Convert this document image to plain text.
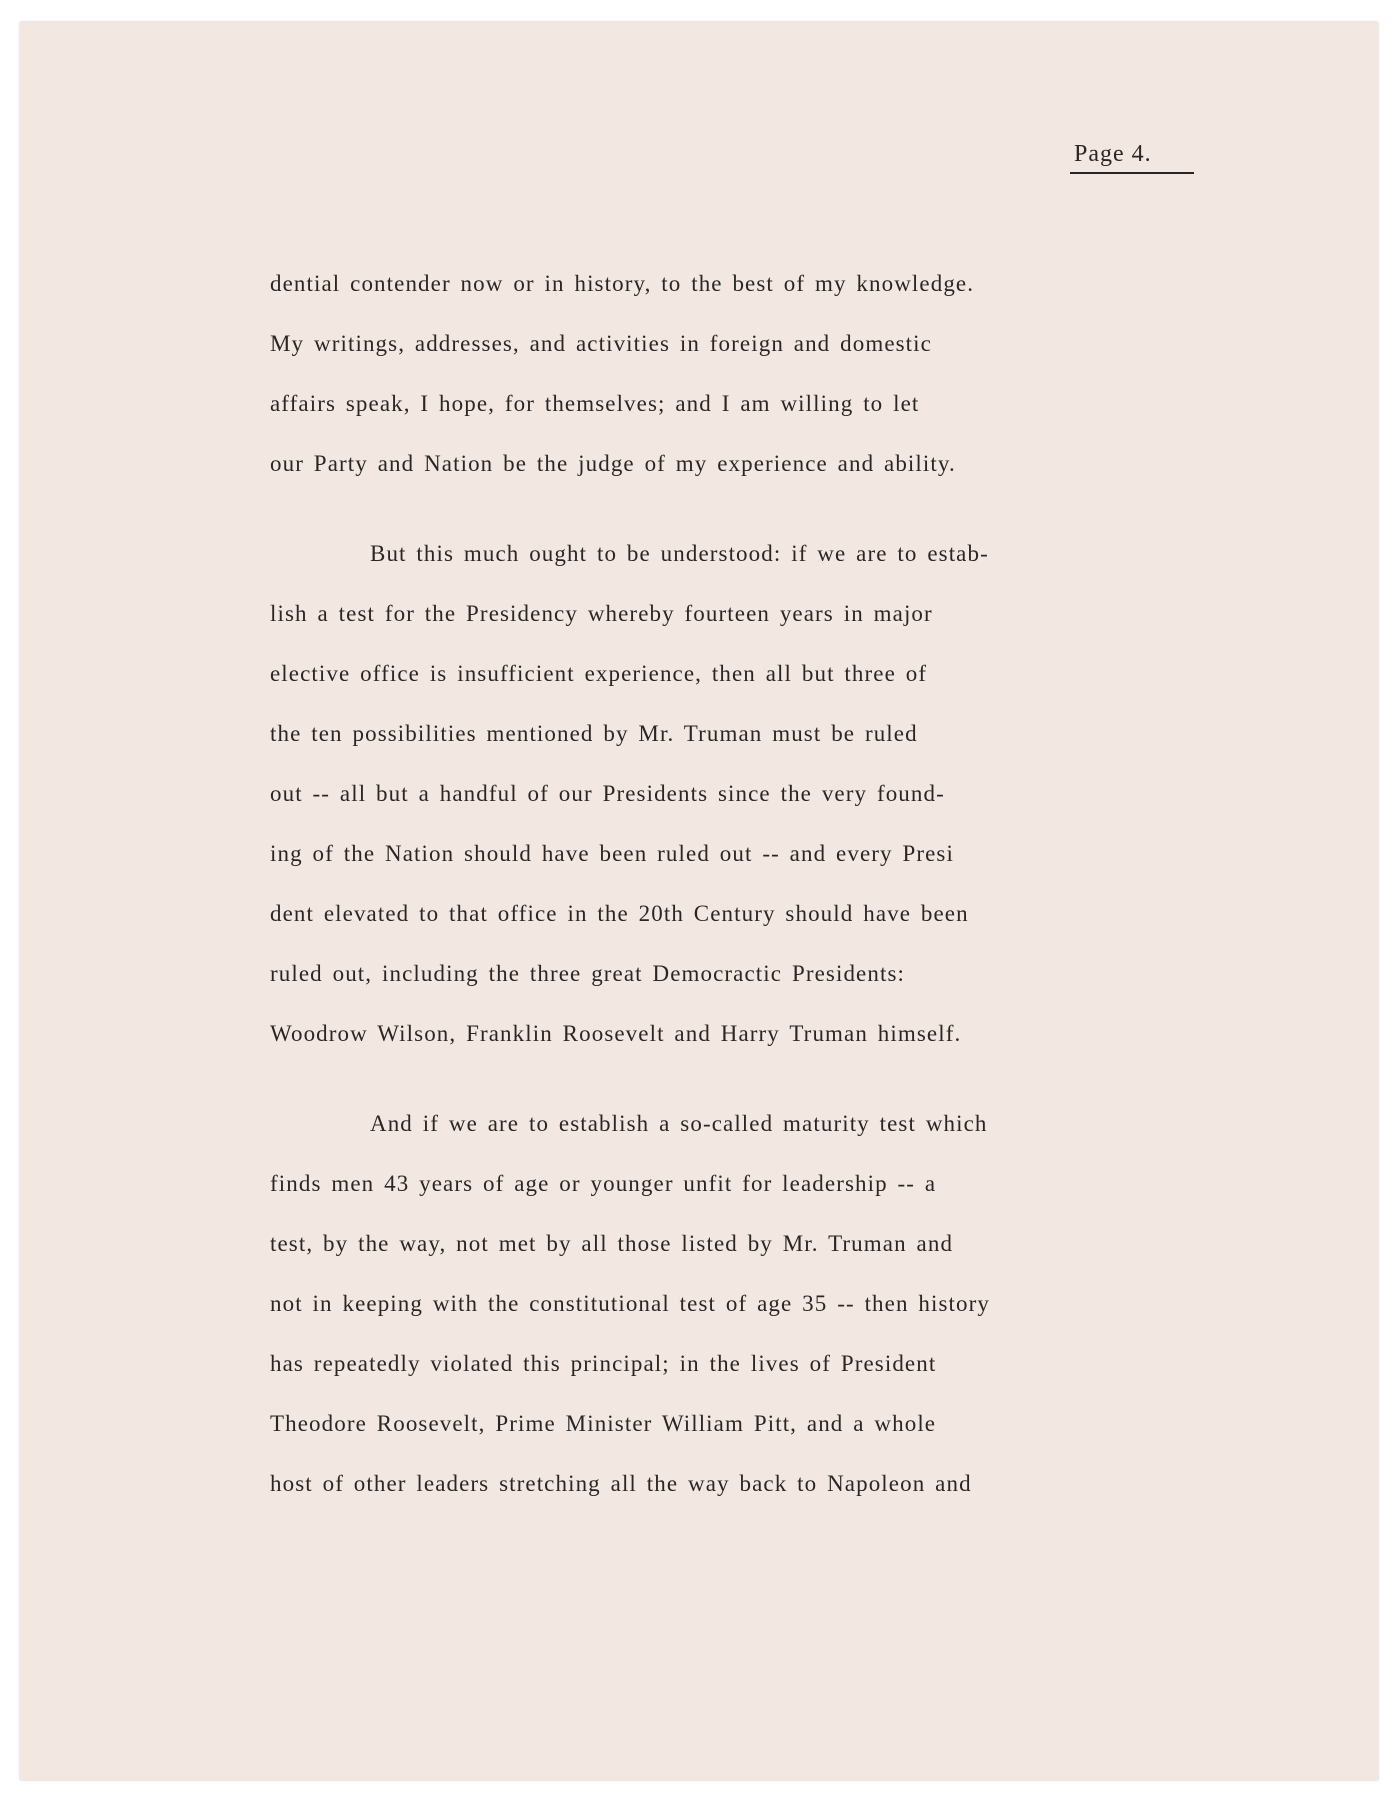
Page 4.
dential contender now or in history, to the best of my knowledge.
My writings, addresses, and activities in foreign and domestic
affairs speak, I hope, for themselves; and I am willing to let
our Party and Nation be the judge of my experience and ability.
But this much ought to be understood: if we are to estab-
lish a test for the Presidency whereby fourteen years in major
elective office is insufficient experience, then all but three of
the ten possibilities mentioned by Mr. Truman must be ruled
out -- all but a handful of our Presidents since the very found-
ing of the Nation should have been ruled out -- and every Presi
dent elevated to that office in the 20th Century should have been
ruled out, including the three great Democractic Presidents:
Woodrow Wilson, Franklin Roosevelt and Harry Truman himself.
And if we are to establish a so-called maturity test which
finds men 43 years of age or younger unfit for leadership -- a
test, by the way, not met by all those listed by Mr. Truman and
not in keeping with the constitutional test of age 35 -- then history
has repeatedly violated this principal; in the lives of President
Theodore Roosevelt, Prime Minister William Pitt, and a whole
host of other leaders stretching all the way back to Napoleon and
